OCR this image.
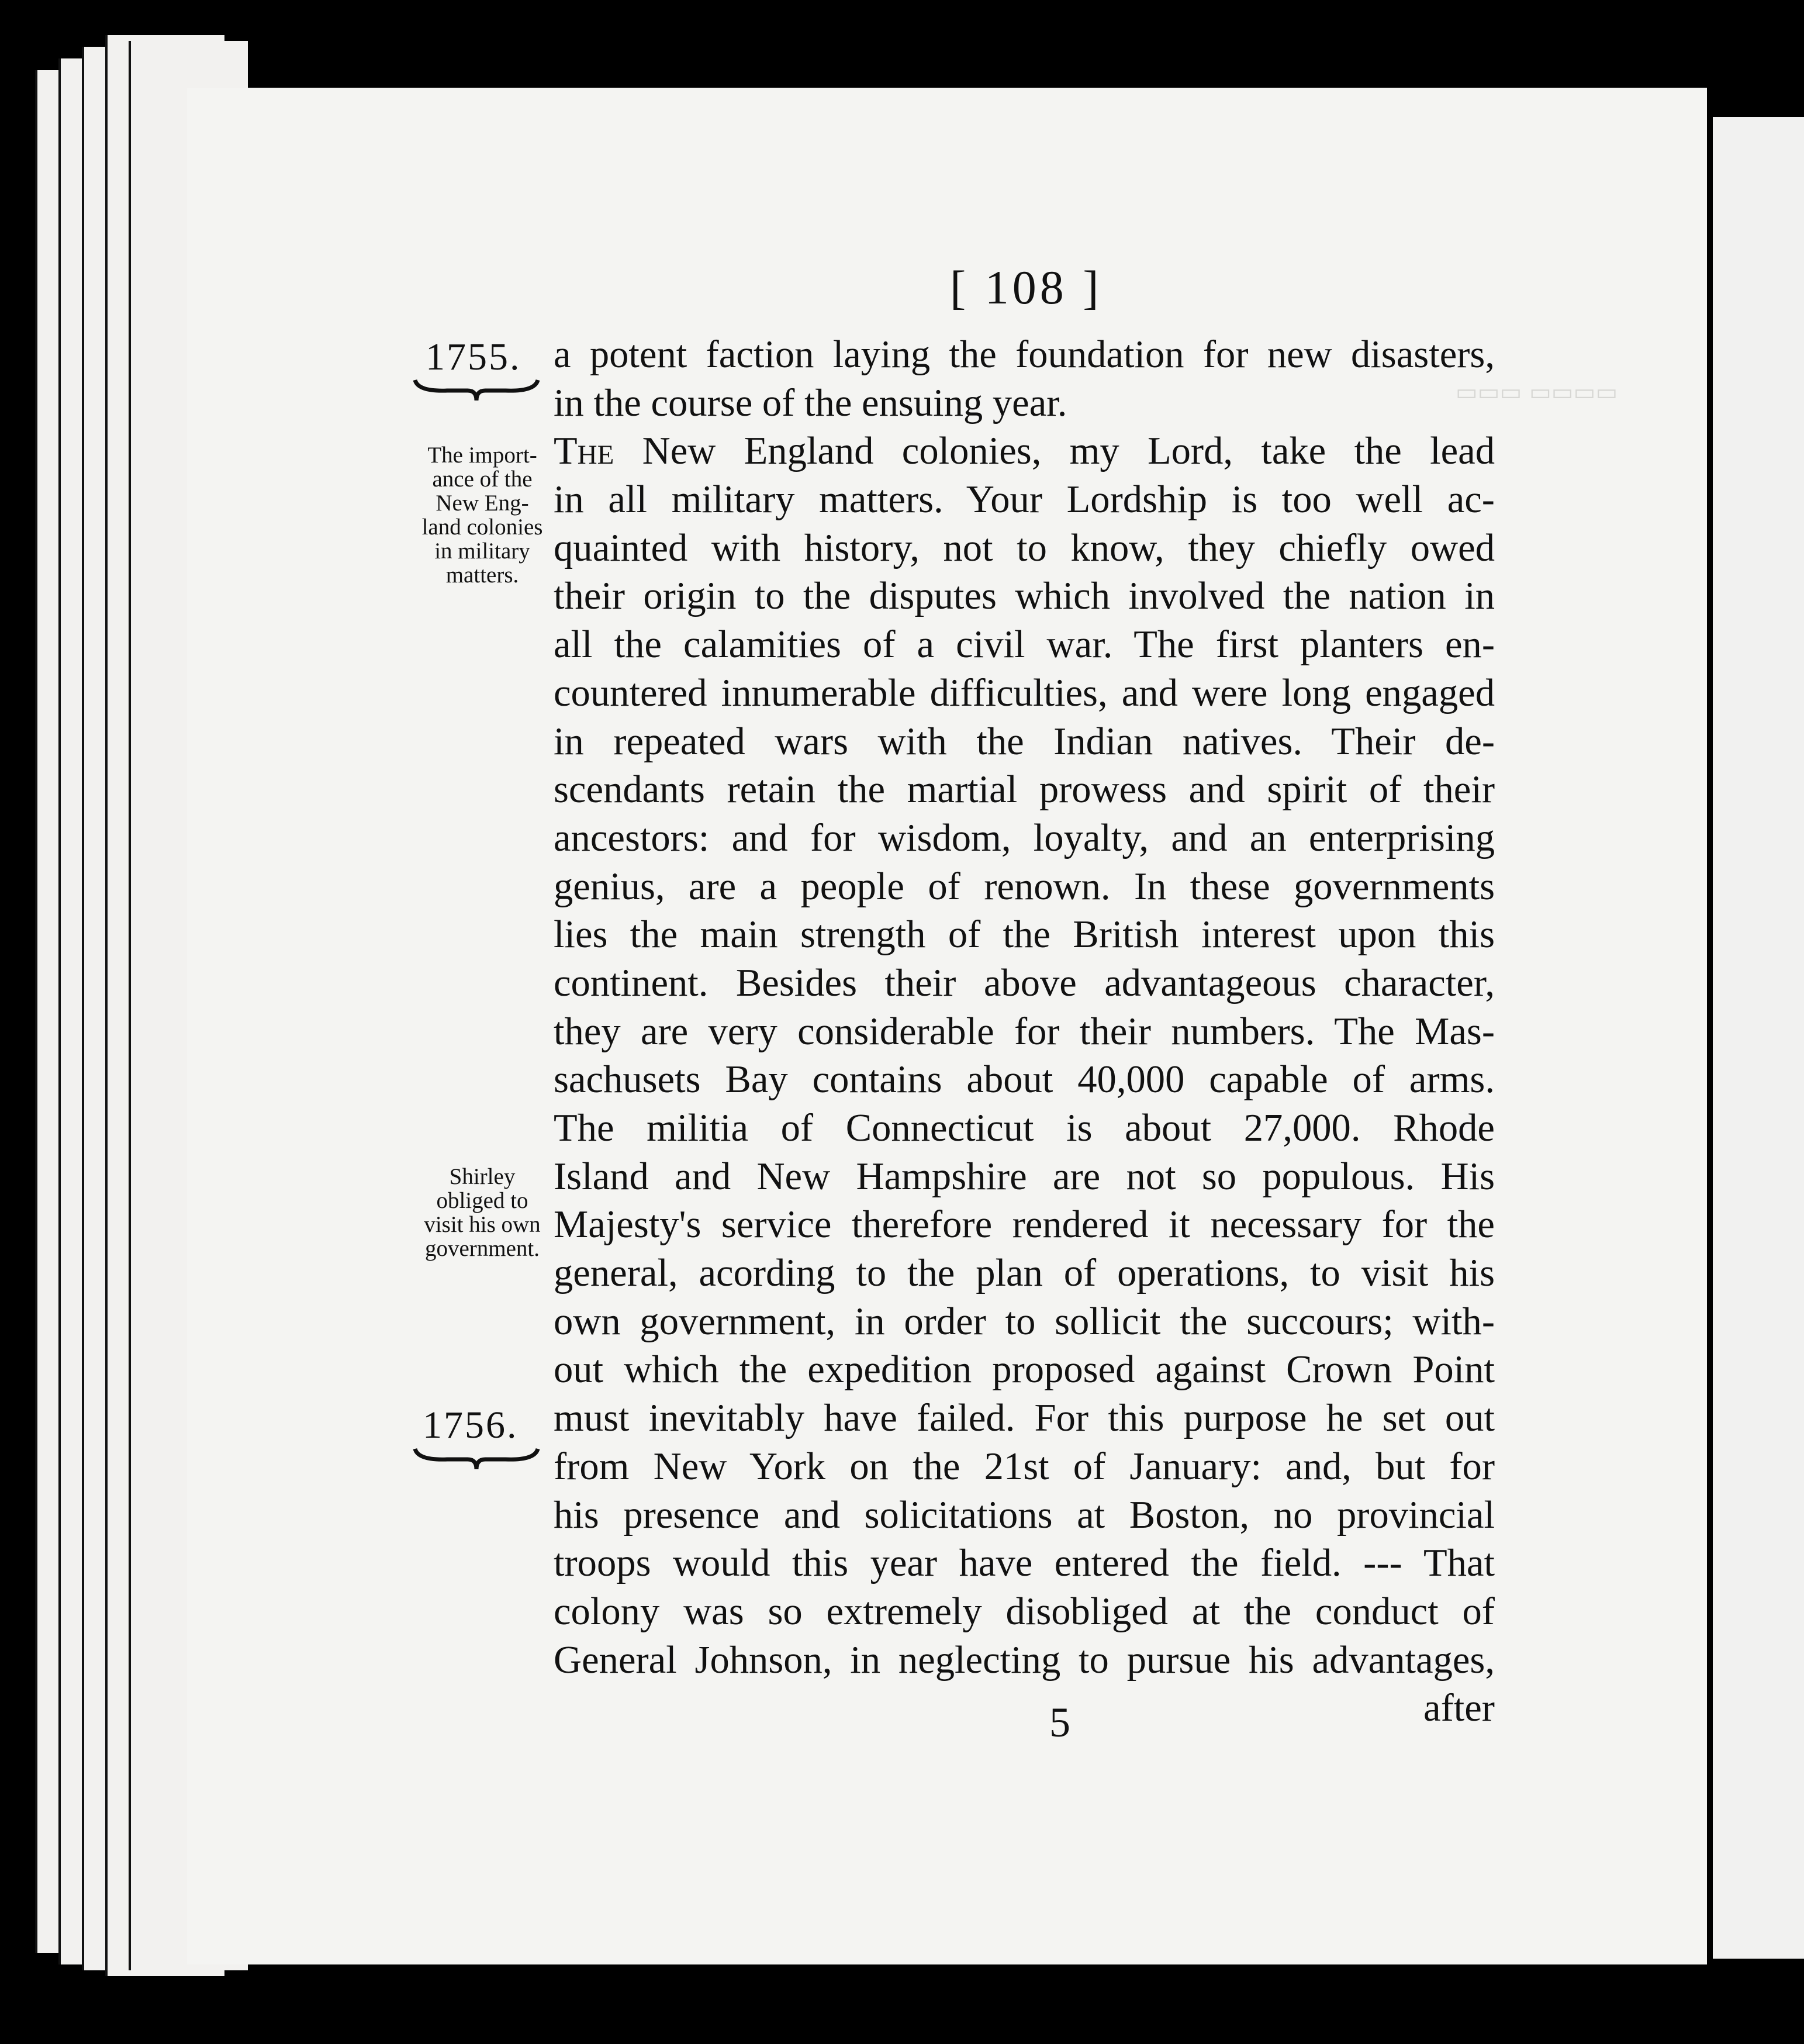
▭▭▭ ▭▭▭▭
[ 108 ]
1755.
1756.
The import-
ance of the
New Eng-
land colonies
in military
matters.
Shirley
obliged to
visit his own
government.
a potent faction laying the foundation for new disasters,
in the course of the ensuing year.
The New England colonies, my Lord, take the lead
in all military matters. Your Lordship is too well ac-
quainted with history, not to know, they chiefly owed
their origin to the disputes which involved the nation in
all the calamities of a civil war. The first planters en-
countered innumerable difficulties, and were long engaged
in repeated wars with the Indian natives. Their de-
scendants retain the martial prowess and spirit of their
ancestors: and for wisdom, loyalty, and an enterprising
genius, are a people of renown. In these governments
lies the main strength of the British interest upon this
continent. Besides their above advantageous character,
they are very considerable for their numbers. The Mas-
sachusets Bay contains about 40,000 capable of arms.
The militia of Connecticut is about 27,000. Rhode
Island and New Hampshire are not so populous. His
Majesty's service therefore rendered it necessary for the
general, acording to the plan of operations, to visit his
own government, in order to sollicit the succours; with-
out which the expedition proposed against Crown Point
must inevitably have failed. For this purpose he set out
from New York on the 21st of January: and, but for
his presence and solicitations at Boston, no provincial
troops would this year have entered the field. --- That
colony was so extremely disobliged at the conduct of
General Johnson, in neglecting to pursue his advantages,
after
5
